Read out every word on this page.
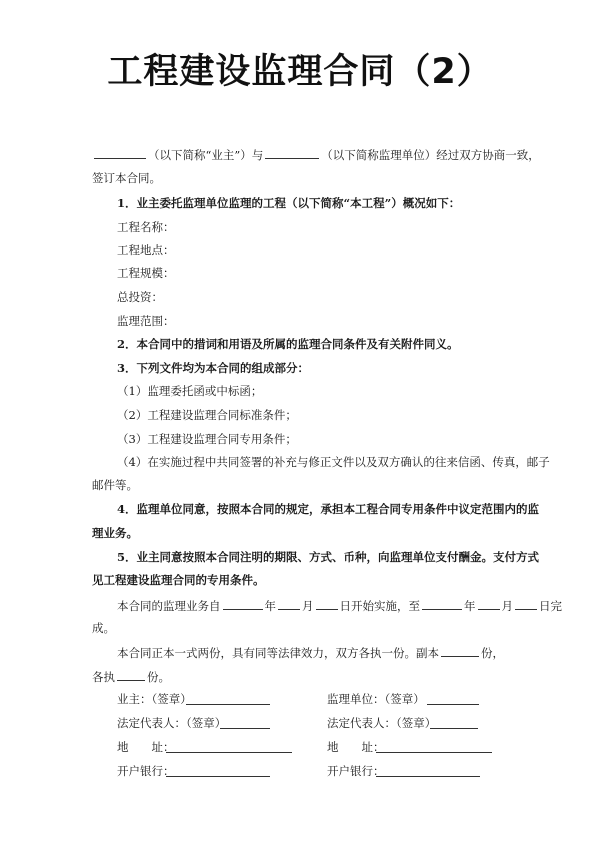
工程建设监理合同（2）
（以下简称“业主”）与	（以下简称监理单位）经过双方协商一致，
签订本合同。
1．业主委托监理单位监理的工程（以下简称“本工程”）概况如下：
工程名称：
工程地点：
工程规模：
总投资：
监理范围：
2．本合同中的措词和用语及所属的监理合同条件及有关附件同义。
3．下列文件均为本合同的组成部分：
（1）监理委托函或中标函；
（2）工程建设监理合同标准条件；
（3）工程建设监理合同专用条件；
（4）在实施过程中共同签署的补充与修正文件以及双方确认的往来信函、传真，邮子
邮件等。
4．监理单位同意，按照本合同的规定，承担本工程合同专用条件中议定范围内的监
理业务。
5．业主同意按照本合同注明的期限、方式、币种，向监理单位支付酬金。支付方式
见工程建设监理合同的专用条件。
本合同的监理业务自	年 月 日开始实施，至	年 月 日完
成。
本合同正本一式两份，具有同等法律效力，双方各执一份。副本	份，
各执	份。
业主：（签章）	监理单位：（签章）
法定代表人：（签章）	法定代表人：（签章）
地　　址：	地　　址：
开户银行：	开户银行：
